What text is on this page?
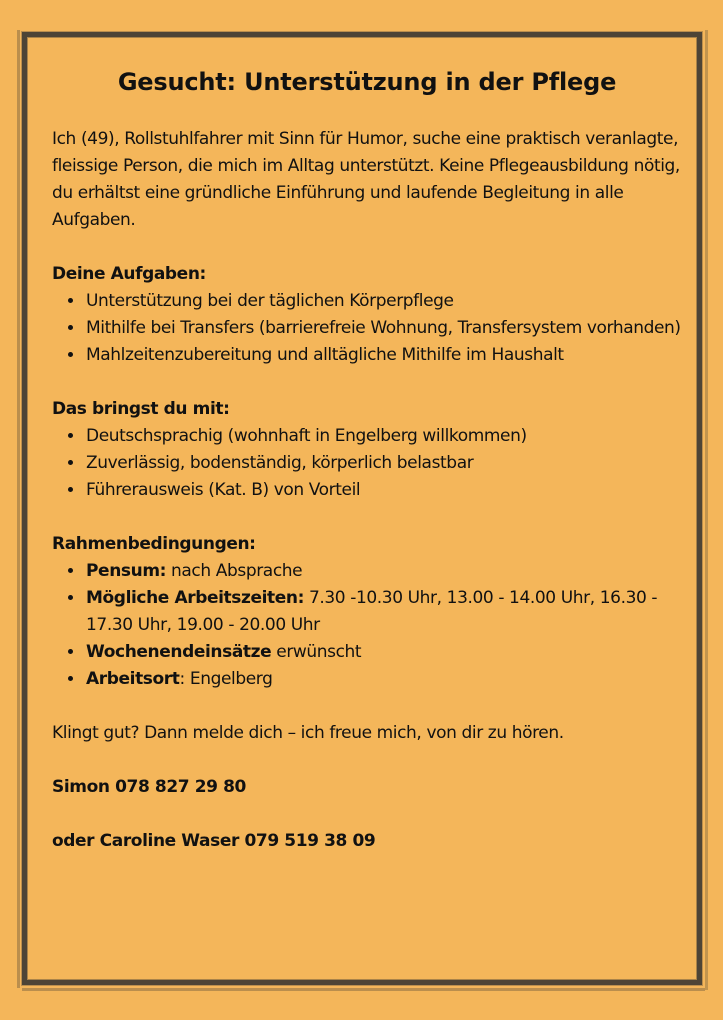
Gesucht: Unterstützung in der Pflege

Ich (49), Rollstuhlfahrer mit Sinn für Humor, suche eine praktisch veranlagte, fleissige Person, die mich im Alltag unterstützt. Keine Pflegeausbildung nötig, du erhältst eine gründliche Einführung und laufende Begleitung in alle Aufgaben.

Deine Aufgaben:

• Unterstützung bei der täglichen Körperpflege
• Mithilfe bei Transfers (barrierefreie Wohnung, Transfersystem vorhanden)
• Mahlzeitenzubereitung und alltägliche Mithilfe im Haushalt

Das bringst du mit:

• Deutschsprachig (wohnhaft in Engelberg willkommen)
• Zuverlässig, bodenständig, körperlich belastbar
• Führerausweis (Kat. B) von Vorteil

Rahmenbedingungen:

• Pensum: nach Absprache
• Mögliche Arbeitszeiten: 7.30 -10.30 Uhr, 13.00 - 14.00 Uhr, 16.30 - 17.30 Uhr, 19.00 - 20.00 Uhr
• Wochenendeinsätze erwünscht
• Arbeitsort: Engelberg

Klingt gut? Dann melde dich – ich freue mich, von dir zu hören.

Simon 078 827 29 80

oder Caroline Waser 079 519 38 09
